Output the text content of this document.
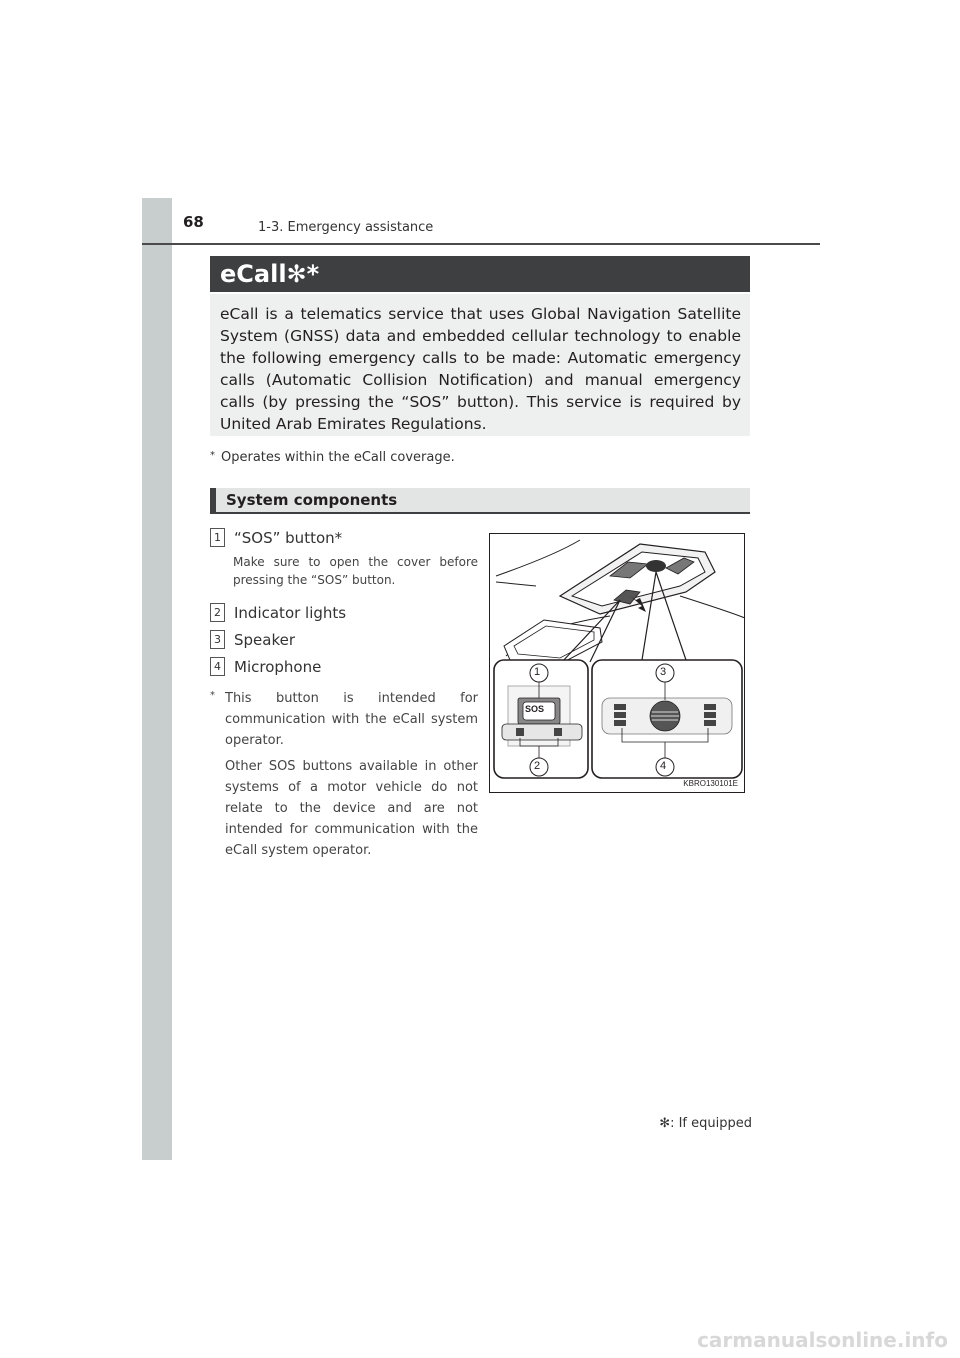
68	1-3. Emergency assistance
eCall✻*
eCall is a telematics service that uses Global Navigation Satellite System (GNSS) data and embedded cellular technology to enable the following emergency calls to be made: Automatic emergency calls (Automatic Collision Notification) and manual emergency calls (by pressing the “SOS” button). This service is required by United Arab Emirates Regulations.
* Operates within the eCall coverage.
System components
1 “SOS” button*
Make sure to open the cover before pressing the “SOS” button.
2 Indicator lights
3 Speaker
4 Microphone
* This button is intended for communication with the eCall system operator.

Other SOS buttons available in other systems of a motor vehicle do not relate to the device and are not intended for communication with the eCall system operator.

SOS
1
2
3
4
KBRO130101E
✻: If equipped
carmanualsonline.info
